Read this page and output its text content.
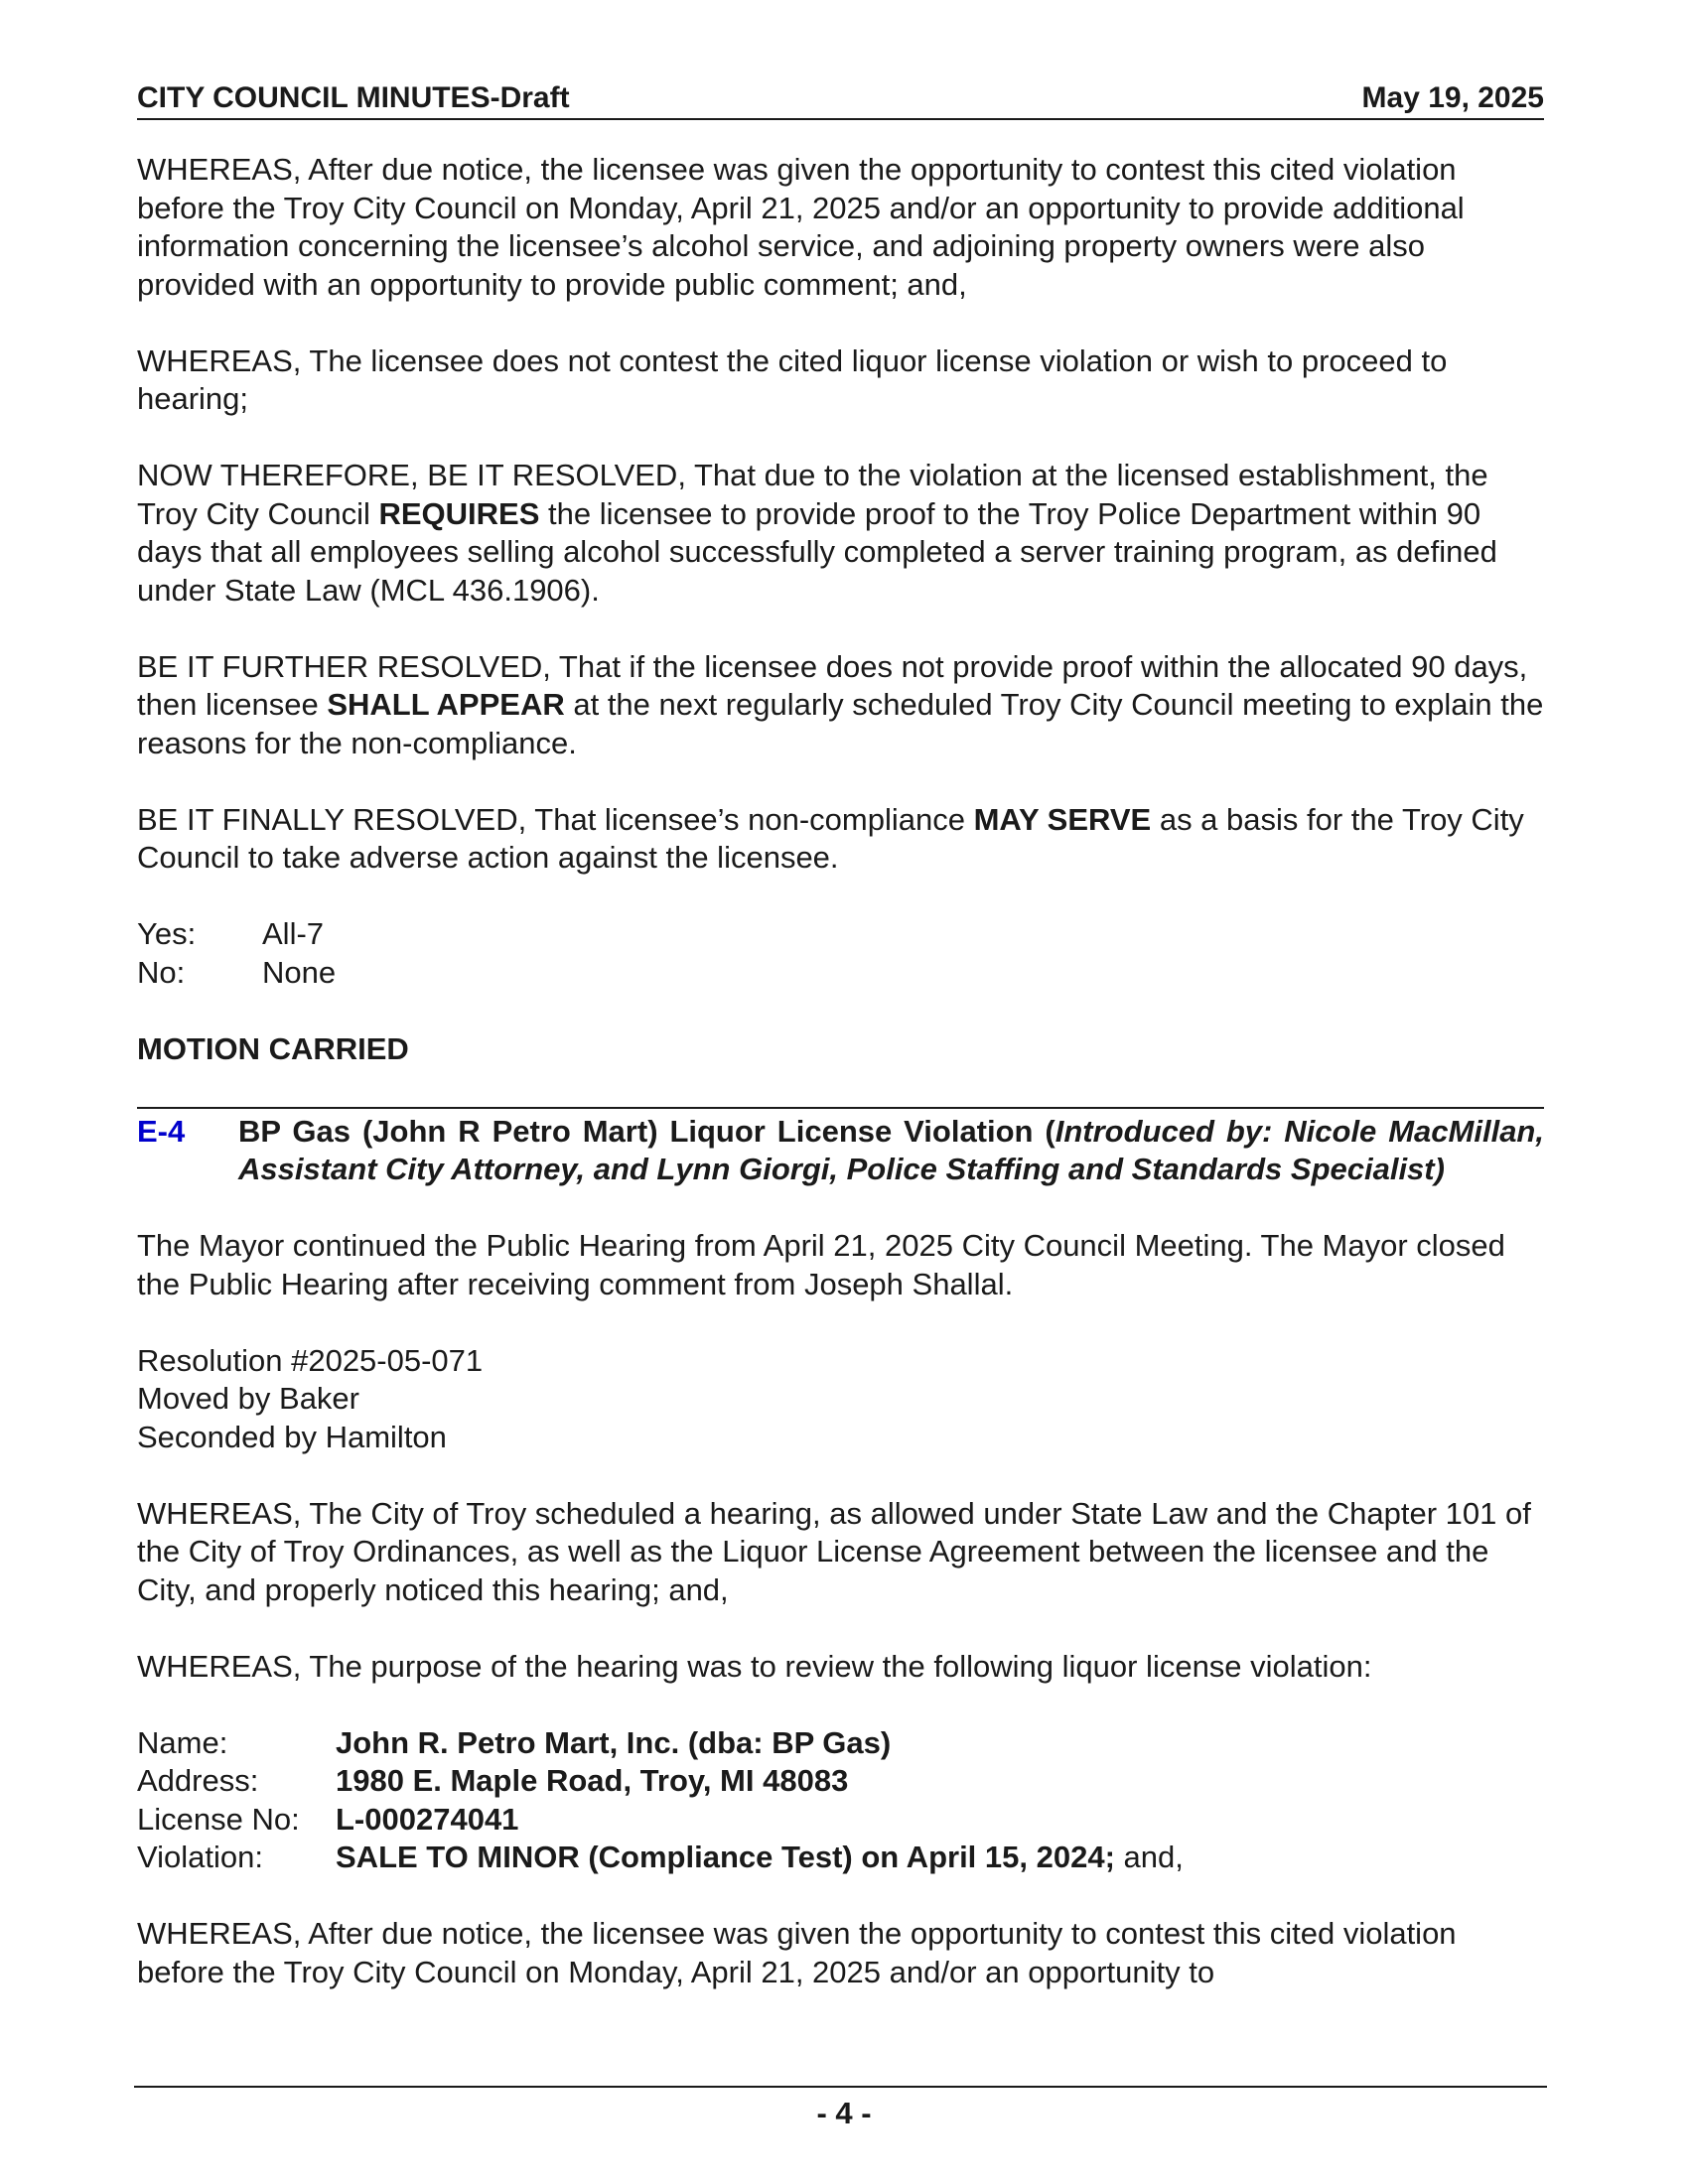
CITY COUNCIL MINUTES-Draft	May 19, 2025

WHEREAS, After due notice, the licensee was given the opportunity to contest this cited violation before the Troy City Council on Monday, April 21, 2025 and/or an opportunity to provide additional information concerning the licensee’s alcohol service, and adjoining property owners were also provided with an opportunity to provide public comment; and,

WHEREAS, The licensee does not contest the cited liquor license violation or wish to proceed to hearing;

NOW THEREFORE, BE IT RESOLVED, That due to the violation at the licensed establishment, the Troy City Council REQUIRES the licensee to provide proof to the Troy Police Department within 90 days that all employees selling alcohol successfully completed a server training program, as defined under State Law (MCL 436.1906).

BE IT FURTHER RESOLVED, That if the licensee does not provide proof within the allocated 90 days, then licensee SHALL APPEAR at the next regularly scheduled Troy City Council meeting to explain the reasons for the non-compliance.

BE IT FINALLY RESOLVED, That licensee’s non-compliance MAY SERVE as a basis for the Troy City Council to take adverse action against the licensee.

Yes:	All-7
No:	None

MOTION CARRIED

E-4	BP Gas (John R Petro Mart) Liquor License Violation (Introduced by: Nicole MacMillan, Assistant City Attorney, and Lynn Giorgi, Police Staffing and Standards Specialist)

The Mayor continued the Public Hearing from April 21, 2025 City Council Meeting. The Mayor closed the Public Hearing after receiving comment from Joseph Shallal.

Resolution #2025-05-071
Moved by Baker
Seconded by Hamilton

WHEREAS, The City of Troy scheduled a hearing, as allowed under State Law and the Chapter 101 of the City of Troy Ordinances, as well as the Liquor License Agreement between the licensee and the City, and properly noticed this hearing; and,

WHEREAS, The purpose of the hearing was to review the following liquor license violation:

Name:	John R. Petro Mart, Inc. (dba: BP Gas)
Address:	1980 E. Maple Road, Troy, MI 48083
License No:	L-000274041
Violation:	SALE TO MINOR (Compliance Test) on April 15, 2024; and,

WHEREAS, After due notice, the licensee was given the opportunity to contest this cited violation before the Troy City Council on Monday, April 21, 2025 and/or an opportunity to

- 4 -
